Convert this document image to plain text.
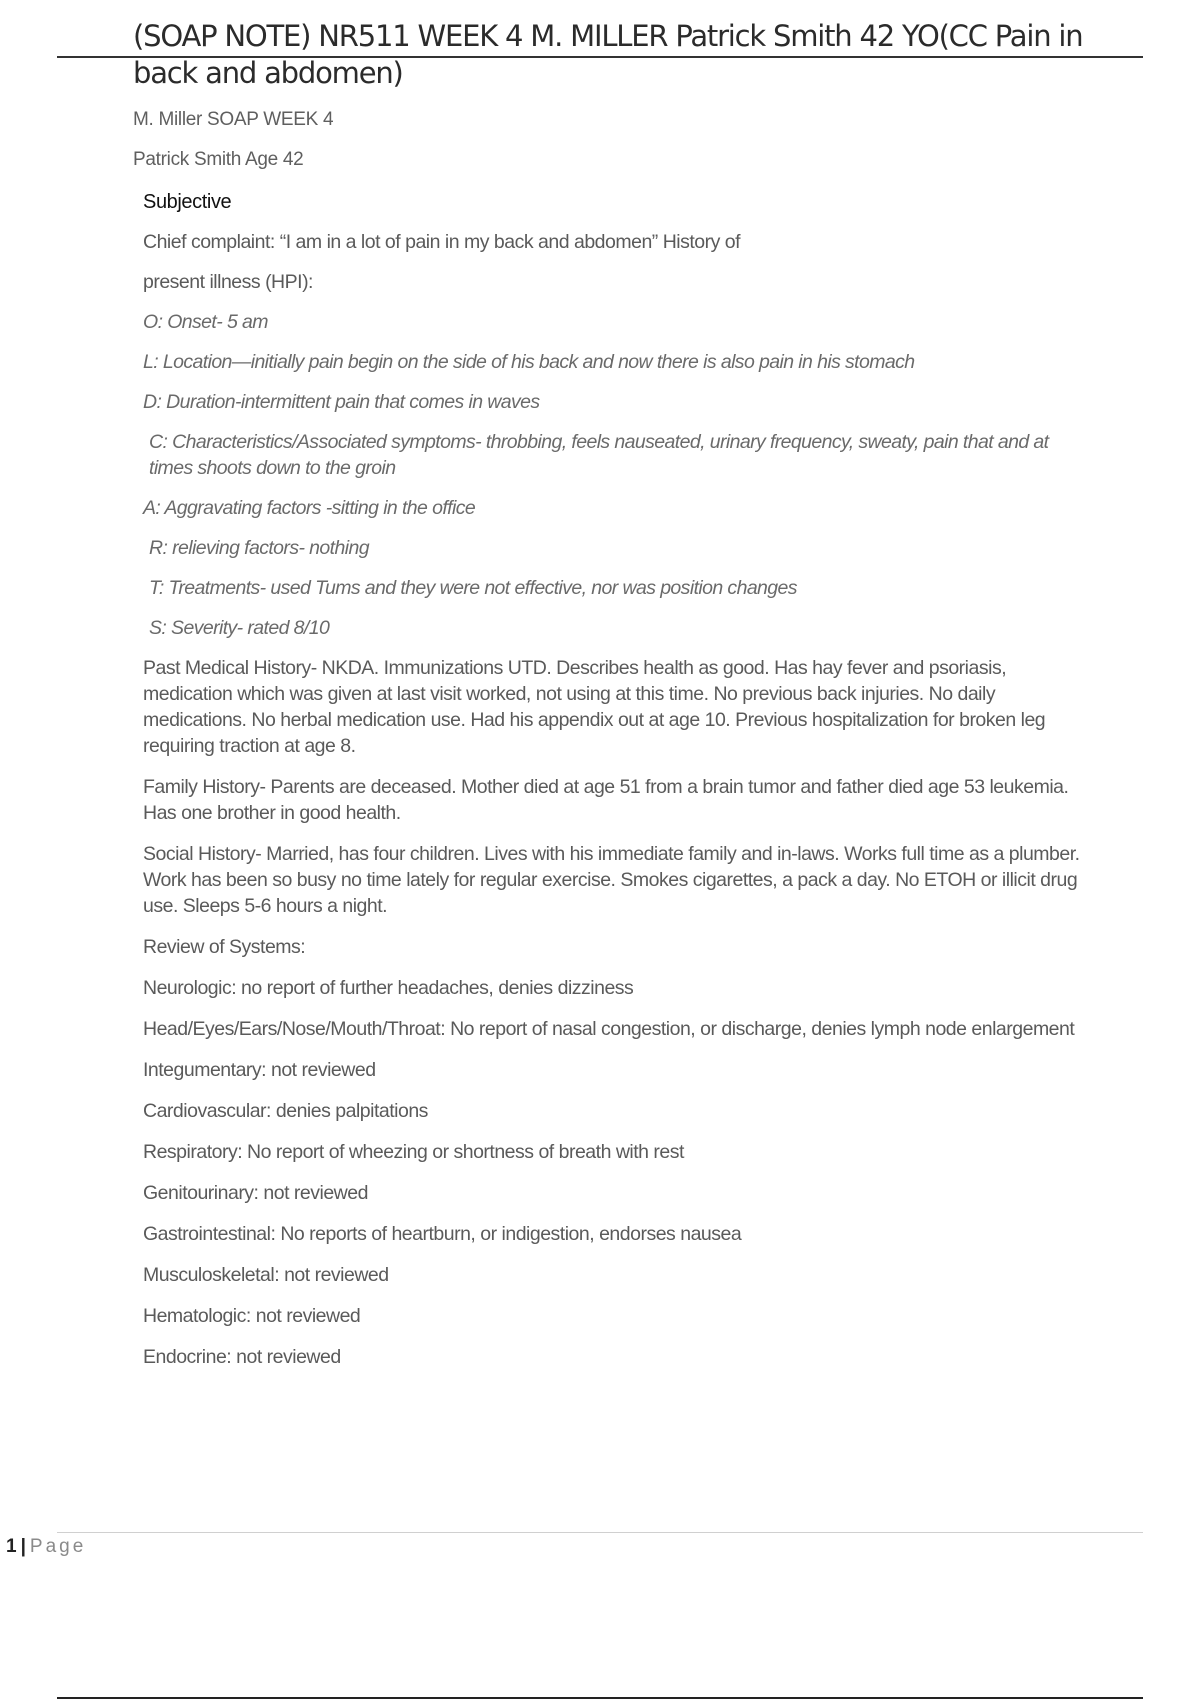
(SOAP NOTE) NR511 WEEK 4 M. MILLER Patrick Smith 42 YO(CC Pain in back and abdomen)

M. Miller SOAP WEEK 4

Patrick Smith Age 42

Subjective

Chief complaint: “I am in a lot of pain in my back and abdomen” History of

present illness (HPI):

O: Onset- 5 am

L: Location—initially pain begin on the side of his back and now there is also pain in his stomach

D: Duration-intermittent pain that comes in waves

C: Characteristics/Associated symptoms- throbbing, feels nauseated, urinary frequency, sweaty, pain that and at times shoots down to the groin

A: Aggravating factors -sitting in the office

R: relieving factors- nothing

T: Treatments- used Tums and they were not effective, nor was position changes

S: Severity- rated 8/10

Past Medical History- NKDA. Immunizations UTD. Describes health as good. Has hay fever and psoriasis, medication which was given at last visit worked, not using at this time. No previous back injuries. No daily medications. No herbal medication use. Had his appendix out at age 10. Previous hospitalization for broken leg requiring traction at age 8.

Family History- Parents are deceased. Mother died at age 51 from a brain tumor and father died age 53 leukemia. Has one brother in good health.

Social History- Married, has four children. Lives with his immediate family and in-laws. Works full time as a plumber. Work has been so busy no time lately for regular exercise. Smokes cigarettes, a pack a day. No ETOH or illicit drug use. Sleeps 5-6 hours a night.

Review of Systems:

Neurologic: no report of further headaches, denies dizziness

Head/Eyes/Ears/Nose/Mouth/Throat: No report of nasal congestion, or discharge, denies lymph node enlargement

Integumentary: not reviewed

Cardiovascular: denies palpitations

Respiratory: No report of wheezing or shortness of breath with rest

Genitourinary: not reviewed

Gastrointestinal: No reports of heartburn, or indigestion, endorses nausea

Musculoskeletal: not reviewed

Hematologic: not reviewed

Endocrine: not reviewed

1 | Page
